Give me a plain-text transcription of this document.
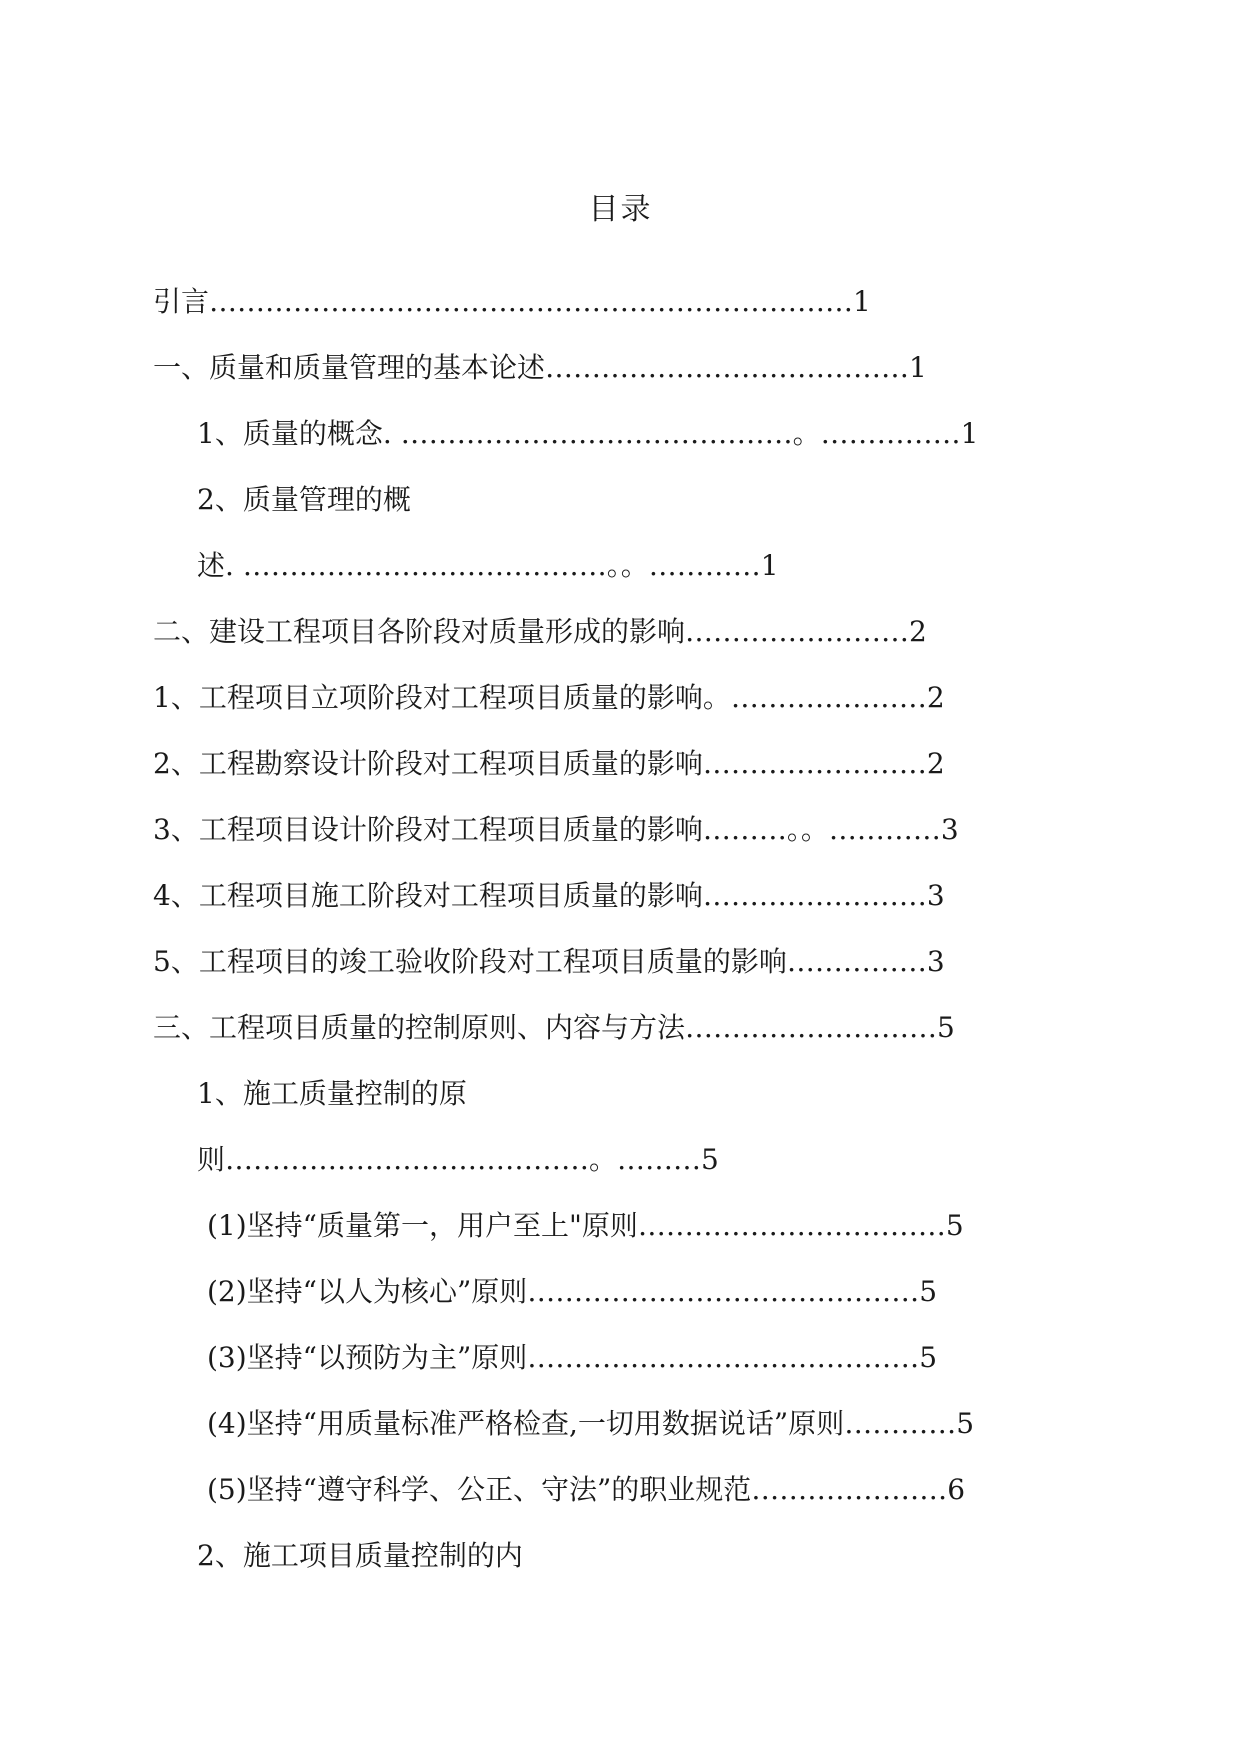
目录
引言……………………………………………………………1
一、质量和质量管理的基本论述…………………………………1
1、质量的概念. ……………………………………。……………1
2、质量管理的概
述. …………………………………。。…………1
二、建设工程项目各阶段对质量形成的影响……………………2
1、工程项目立项阶段对工程项目质量的影响。…………………2
2、工程勘察设计阶段对工程项目质量的影响……………………2
3、工程项目设计阶段对工程项目质量的影响………。。…………3
4、工程项目施工阶段对工程项目质量的影响……………………3
5、工程项目的竣工验收阶段对工程项目质量的影响……………3
三、工程项目质量的控制原则、内容与方法………………………5
1、施工质量控制的原
则…………………………………。………5
(1)坚持“质量第一，用户至上"原则……………………………5
(2)坚持“以人为核心”原则……………………………………5
(3)坚持“以预防为主”原则……………………………………5
(4)坚持“用质量标准严格检查,一切用数据说话”原则…………5
(5)坚持“遵守科学、公正、守法”的职业规范…………………6
2、施工项目质量控制的内
